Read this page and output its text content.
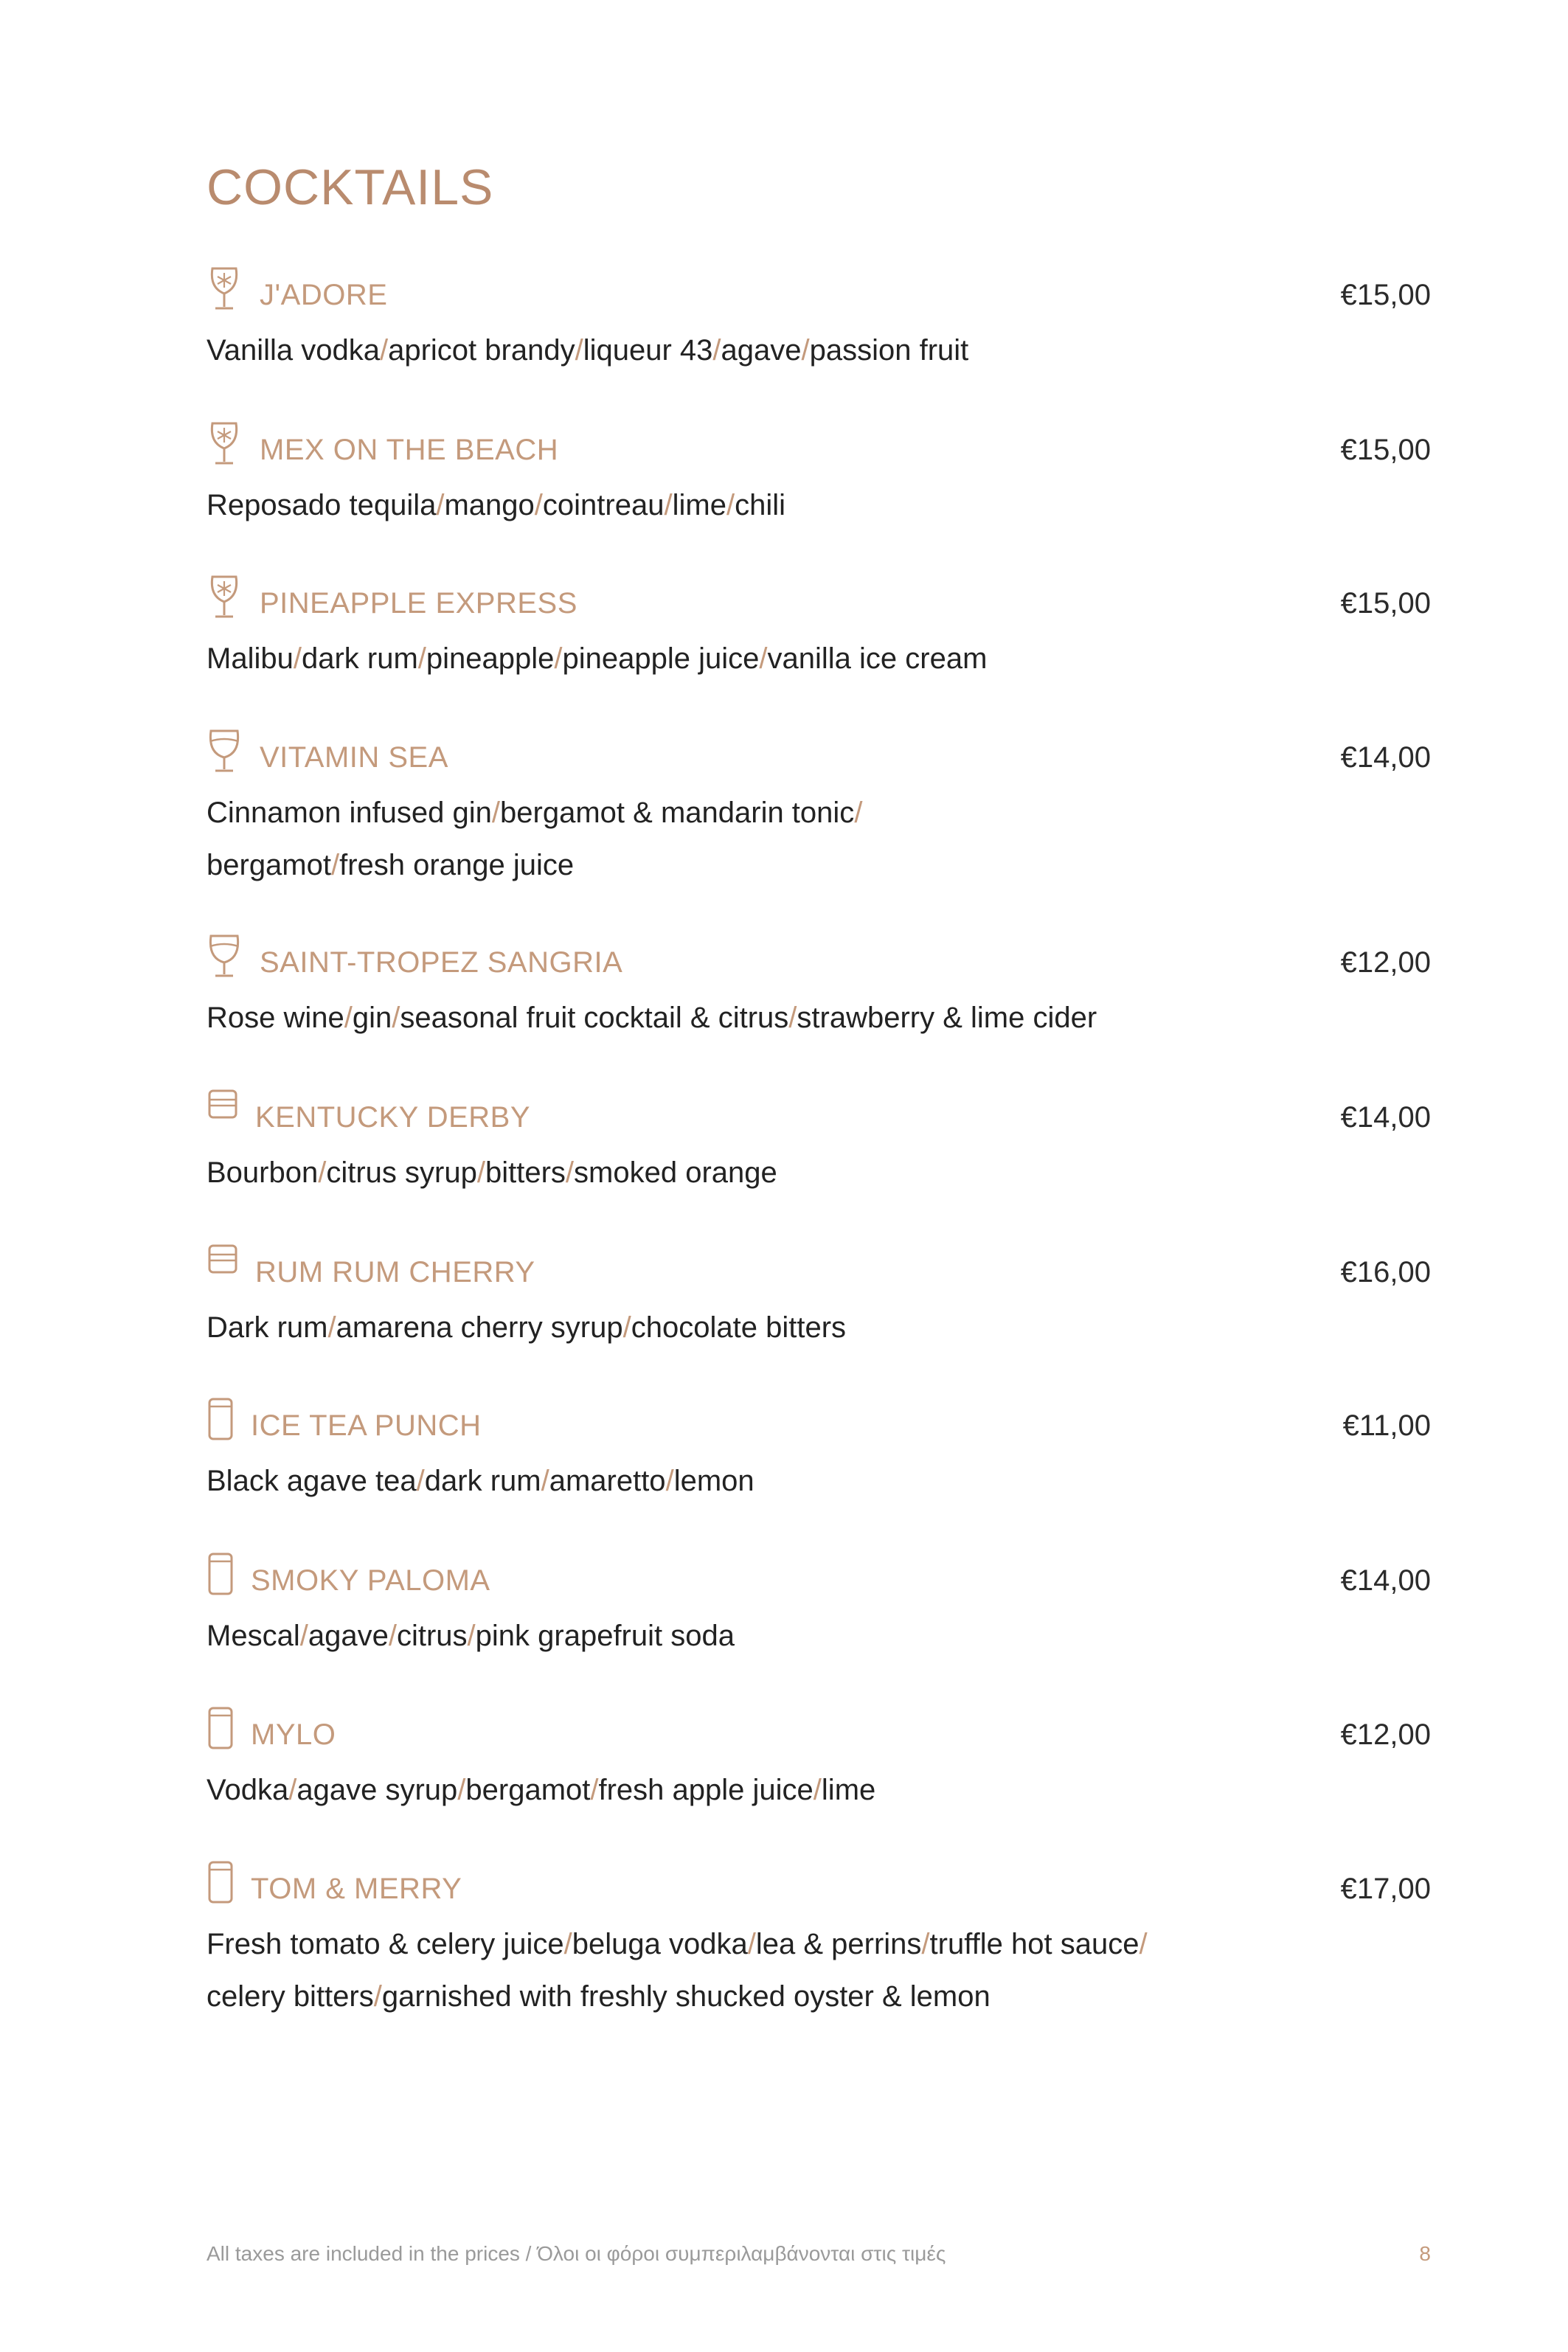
COCKTAILS
J'ADORE	€15,00
Vanilla vodka/apricot brandy/liqueur 43/agave/passion fruit
MEX ON THE BEACH	€15,00
Reposado tequila/mango/cointreau/lime/chili
PINEAPPLE EXPRESS	€15,00
Malibu/dark rum/pineapple/pineapple juice/vanilla ice cream
VITAMIN SEA	€14,00
Cinnamon infused gin/bergamot & mandarin tonic/
bergamot/fresh orange juice
SAINT-TROPEZ SANGRIA	€12,00
Rose wine/gin/seasonal fruit cocktail & citrus/strawberry & lime cider
KENTUCKY DERBY	€14,00
Bourbon/citrus syrup/bitters/smoked orange
RUM RUM CHERRY	€16,00
Dark rum/amarena cherry syrup/chocolate bitters
ICE TEA PUNCH	€11,00
Black agave tea/dark rum/amaretto/lemon
SMOKY PALOMA	€14,00
Mescal/agave/citrus/pink grapefruit soda
MYLO	€12,00
Vodka/agave syrup/bergamot/fresh apple juice/lime
TOM & MERRY	€17,00
Fresh tomato & celery juice/beluga vodka/lea & perrins/truffle hot sauce/
celery bitters/garnished with freshly shucked oyster & lemon
All taxes are included in the prices / Όλοι οι φόροι συμπεριλαμβάνονται στις τιμές	8
